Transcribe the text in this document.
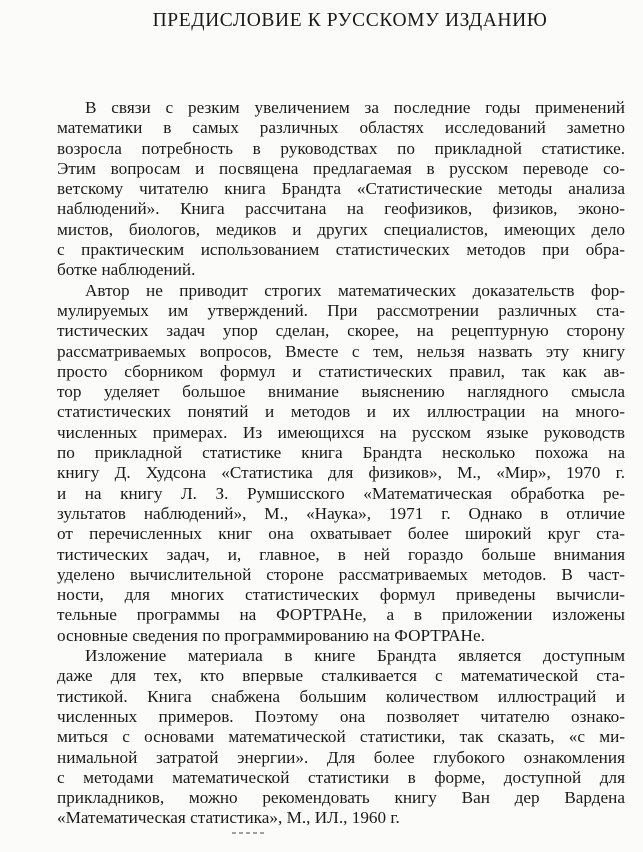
ПРЕДИСЛОВИЕ К РУССКОМУ ИЗДАНИЮ
В связи с резким увеличением за последние годы применений
математики в самых различных областях исследований заметно
возросла потребность в руководствах по прикладной статистике.
Этим вопросам и посвящена предлагаемая в русском переводе со-
ветскому читателю книга Брандта «Статистические методы анализа
наблюдений». Книга рассчитана на геофизиков, физиков, эконо-
мистов, биологов, медиков и других специалистов, имеющих дело
с практическим использованием статистических методов при обра-
ботке наблюдений.
Автор не приводит строгих математических доказательств фор-
мулируемых им утверждений. При рассмотрении различных ста-
тистических задач упор сделан, скорее, на рецептурную сторону
рассматриваемых вопросов, Вместе с тем, нельзя назвать эту книгу
просто сборником формул и статистических правил, так как ав-
тор уделяет большое внимание выяснению наглядного смысла
статистических понятий и методов и их иллюстрации на много-
численных примерах. Из имеющихся на русском языке руководств
по прикладной статистике книга Брандта несколько похожа на
книгу Д. Худсона «Статистика для физиков», М., «Мир», 1970 г.
и на книгу Л. З. Румшисского «Математическая обработка ре-
зультатов наблюдений», М., «Наука», 1971 г. Однако в отличие
от перечисленных книг она охватывает более широкий круг ста-
тистических задач, и, главное, в ней гораздо больше внимания
уделено вычислительной стороне рассматриваемых методов. В част-
ности, для многих статистических формул приведены вычисли-
тельные программы на ФОРТРАНе, а в приложении изложены
основные сведения по программированию на ФОРТРАНе.
Изложение материала в книге Брандта является доступным
даже для тех, кто впервые сталкивается с математической ста-
тистикой. Книга снабжена большим количеством иллюстраций и
численных примеров. Поэтому она позволяет читателю ознако-
миться с основами математической статистики, так сказать, «с ми-
нимальной затратой энергии». Для более глубокого ознакомления
с методами математической статистики в форме, доступной для
прикладников, можно рекомендовать книгу Ван дер Вардена
«Математическая статистика», М., ИЛ., 1960 г.
